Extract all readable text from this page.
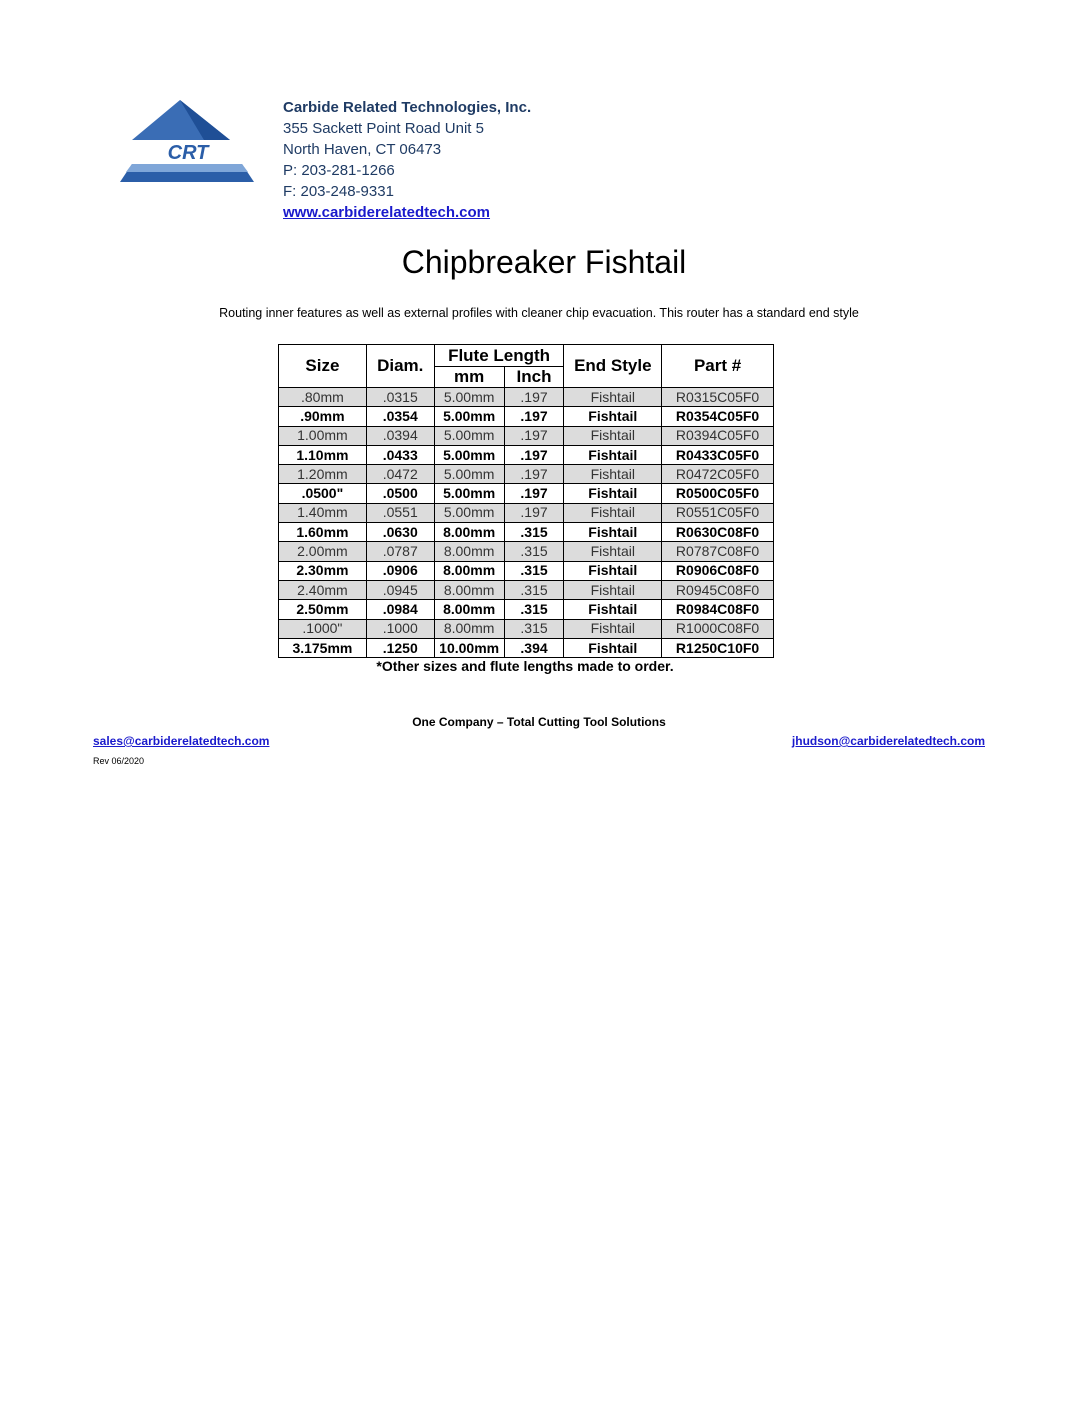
CRT
Carbide Related Technologies, Inc.
355 Sackett Point Road Unit 5
North Haven, CT 06473
P: 203-281-1266
F: 203-248-9331
www.carbiderelatedtech.com
Chipbreaker Fishtail
Routing inner features as well as external profiles with cleaner chip evacuation. This router has a standard end style
Size	Diam.	Flute Length		End Style	Part #
		mm	Inch		
.80mm	.0315	5.00mm	.197	Fishtail	R0315C05F0
.90mm	.0354	5.00mm	.197	Fishtail	R0354C05F0
1.00mm	.0394	5.00mm	.197	Fishtail	R0394C05F0
1.10mm	.0433	5.00mm	.197	Fishtail	R0433C05F0
1.20mm	.0472	5.00mm	.197	Fishtail	R0472C05F0
.0500"	.0500	5.00mm	.197	Fishtail	R0500C05F0
1.40mm	.0551	5.00mm	.197	Fishtail	R0551C05F0
1.60mm	.0630	8.00mm	.315	Fishtail	R0630C08F0
2.00mm	.0787	8.00mm	.315	Fishtail	R0787C08F0
2.30mm	.0906	8.00mm	.315	Fishtail	R0906C08F0
2.40mm	.0945	8.00mm	.315	Fishtail	R0945C08F0
2.50mm	.0984	8.00mm	.315	Fishtail	R0984C08F0
.1000"	.1000	8.00mm	.315	Fishtail	R1000C08F0
3.175mm	.1250	10.00mm	.394	Fishtail	R1250C10F0
*Other sizes and flute lengths made to order.
One Company – Total Cutting Tool Solutions
sales@carbiderelatedtech.com	jhudson@carbiderelatedtech.com
Rev 06/2020
